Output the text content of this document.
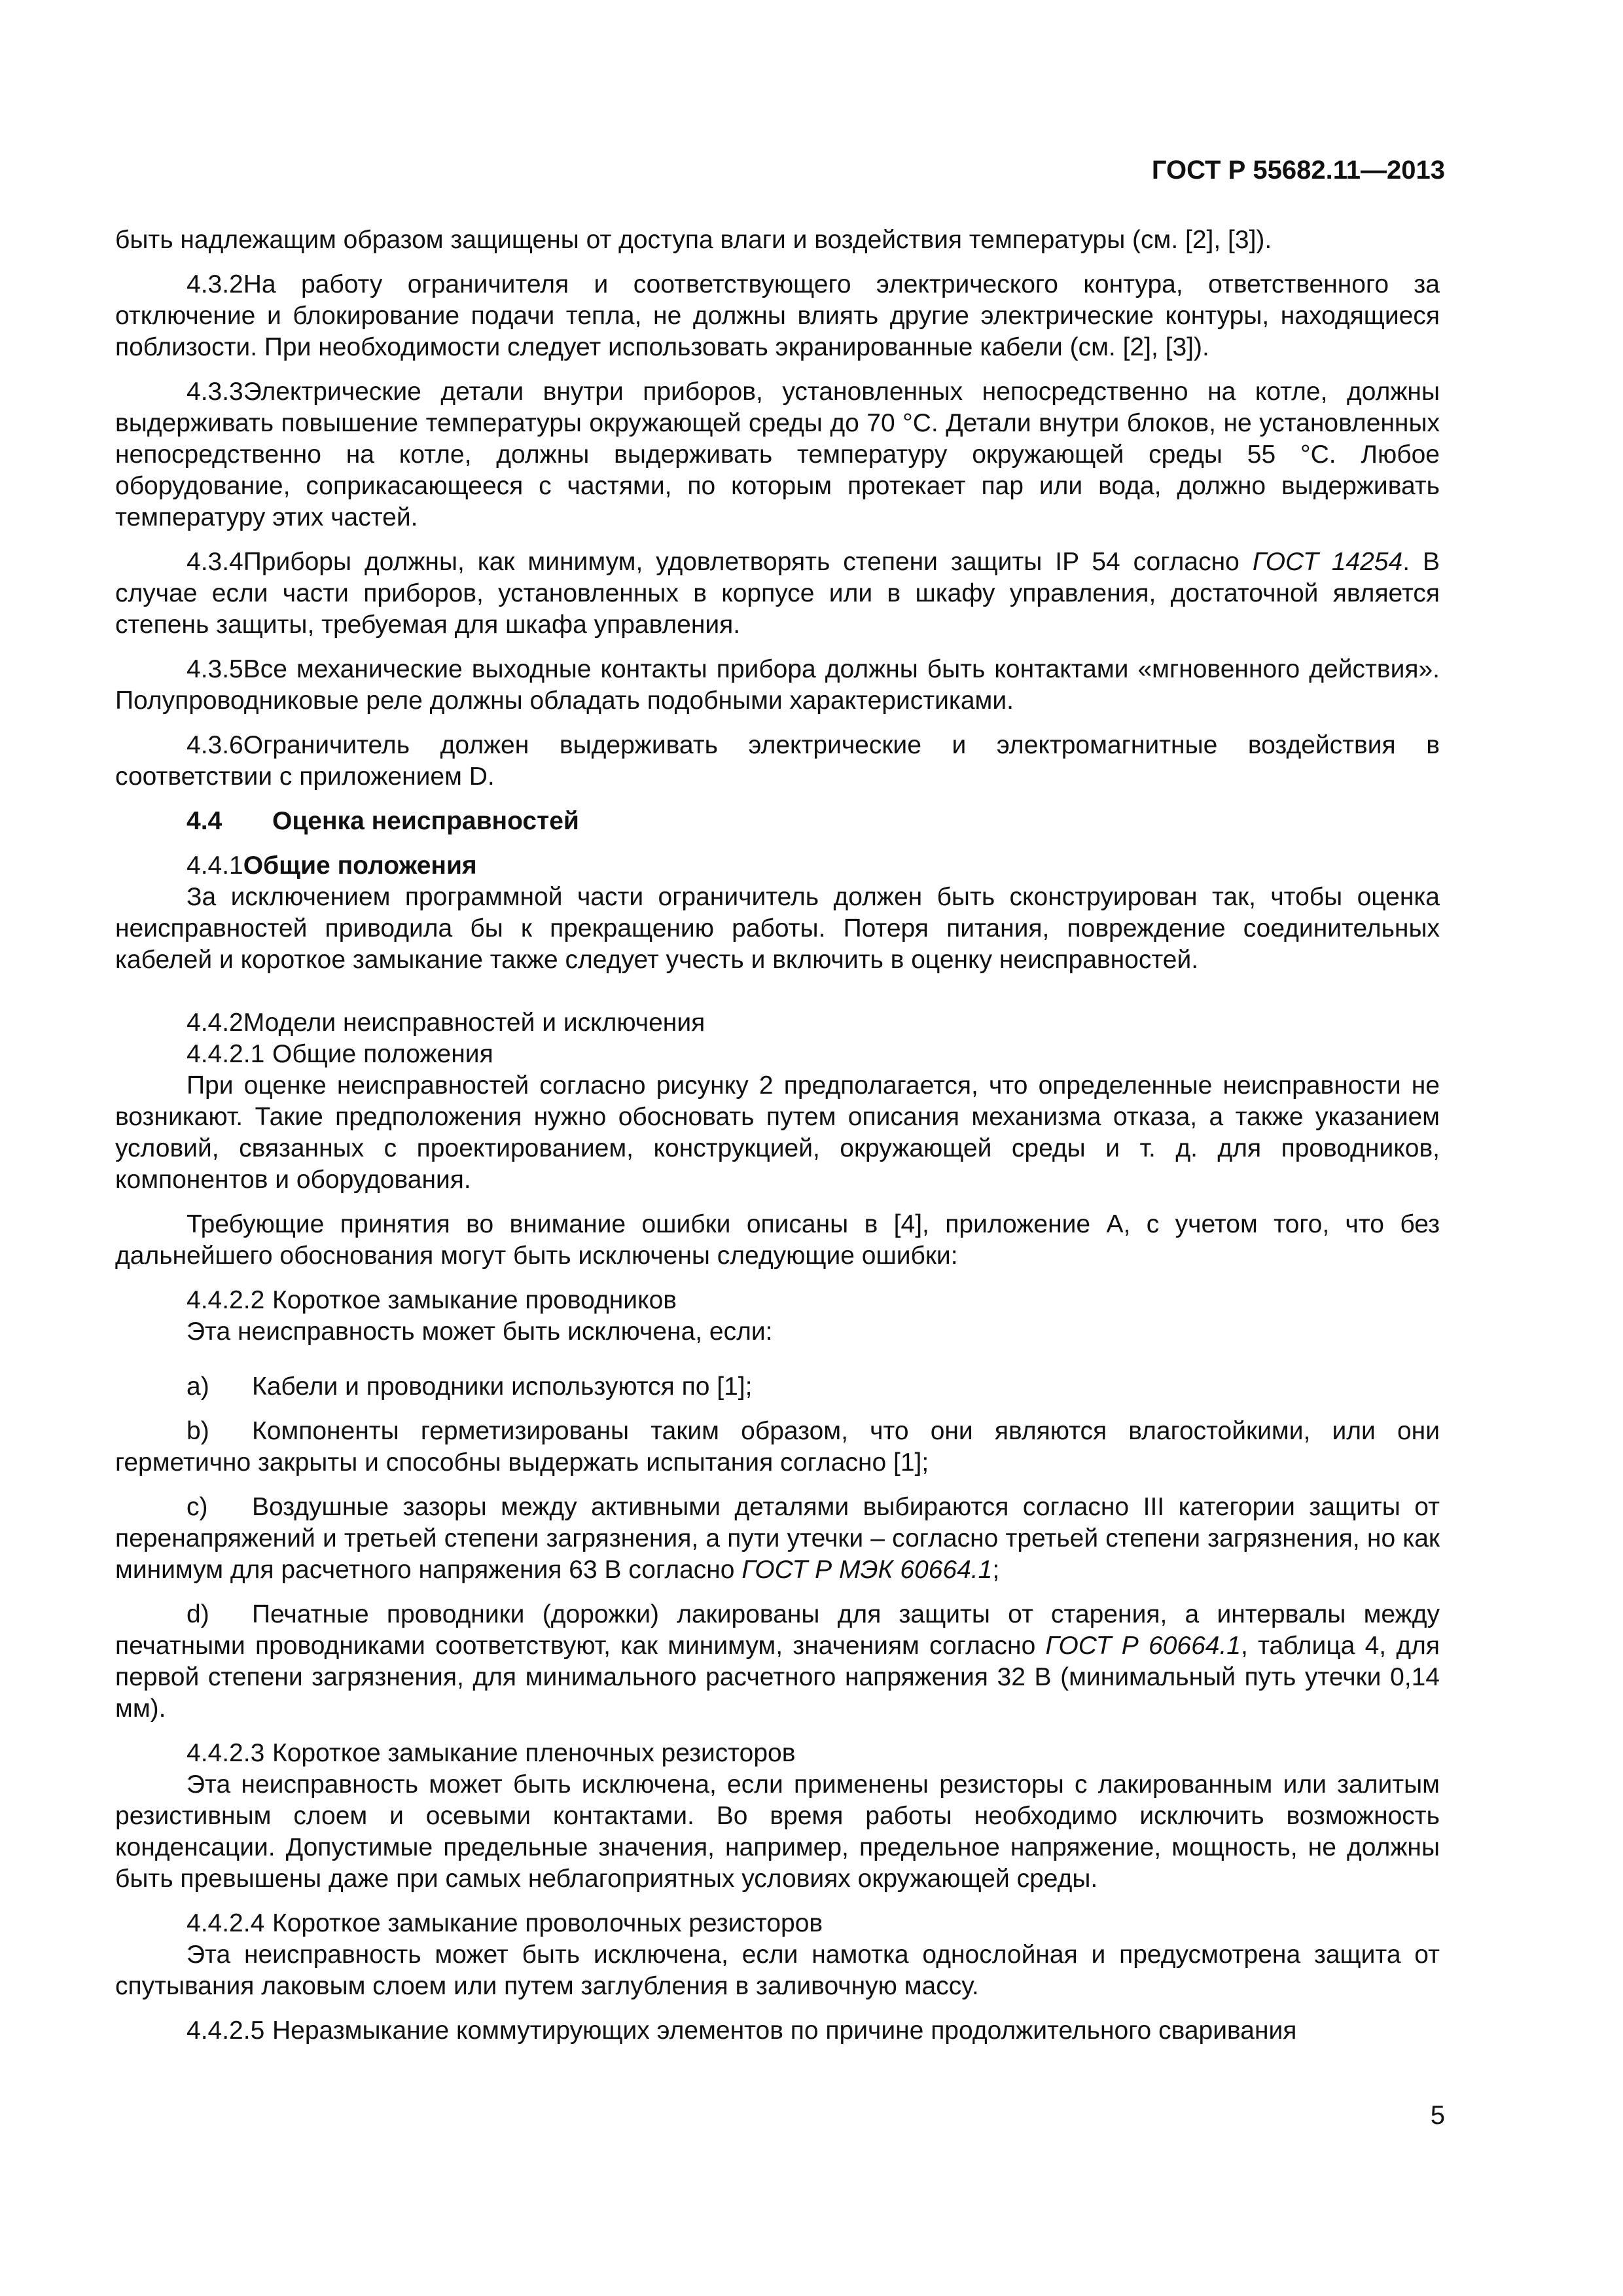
ГОСТ Р 55682.11—2013

быть надлежащим образом защищены от доступа влаги и воздействия температуры (см. [2], [3]).

4.3.2На работу ограничителя и соответствующего электрического контура, ответственного за отключение и блокирование подачи тепла, не должны влиять другие электрические контуры, находящиеся поблизости. При необходимости следует использовать экранированные кабели (см. [2], [3]).

4.3.3Электрические детали внутри приборов, установленных непосредственно на котле, должны выдерживать повышение температуры окружающей среды до 70 °С. Детали внутри блоков, не установленных непосредственно на котле, должны выдерживать температуру окружающей среды 55 °С. Любое оборудование, соприкасающееся с частями, по которым протекает пар или вода, должно выдерживать температуру этих частей.

4.3.4Приборы должны, как минимум, удовлетворять степени защиты IP 54 согласно ГОСТ 14254. В случае если части приборов, установленных в корпусе или в шкафу управления, достаточной является степень защиты, требуемая для шкафа управления.

4.3.5Все механические выходные контакты прибора должны быть контактами «мгновенного действия». Полупроводниковые реле должны обладать подобными характеристиками.

4.3.6Ограничитель должен выдерживать электрические и электромагнитные воздействия в соответствии с приложением D.

4.4 Оценка неисправностей

4.4.1Общие положения

За исключением программной части ограничитель должен быть сконструирован так, чтобы оценка неисправностей приводила бы к прекращению работы. Потеря питания, повреждение соединительных кабелей и короткое замыкание также следует учесть и включить в оценку неисправностей.

4.4.2Модели неисправностей и исключения

4.4.2.1 Общие положения

При оценке неисправностей согласно рисунку 2 предполагается, что определенные неисправности не возникают. Такие предположения нужно обосновать путем описания механизма отказа, а также указанием условий, связанных с проектированием, конструкцией, окружающей среды и т. д. для проводников, компонентов и оборудования.

Требующие принятия во внимание ошибки описаны в [4], приложение А, с учетом того, что без дальнейшего обоснования могут быть исключены следующие ошибки:

4.4.2.2 Короткое замыкание проводников

Эта неисправность может быть исключена, если:

a) Кабели и проводники используются по [1];

b) Компоненты герметизированы таким образом, что они являются влагостойкими, или они герметично закрыты и способны выдержать испытания согласно [1];

c) Воздушные зазоры между активными деталями выбираются согласно III категории защиты от перенапряжений и третьей степени загрязнения, а пути утечки – согласно третьей степени загрязнения, но как минимум для расчетного напряжения 63 В согласно ГОСТ Р МЭК 60664.1;

d) Печатные проводники (дорожки) лакированы для защиты от старения, а интервалы между печатными проводниками соответствуют, как минимум, значениям согласно ГОСТ Р 60664.1, таблица 4, для первой степени загрязнения, для минимального расчетного напряжения 32 В (минимальный путь утечки 0,14 мм).

4.4.2.3 Короткое замыкание пленочных резисторов

Эта неисправность может быть исключена, если применены резисторы с лакированным или залитым резистивным слоем и осевыми контактами. Во время работы необходимо исключить возможность конденсации. Допустимые предельные значения, например, предельное напряжение, мощность, не должны быть превышены даже при самых неблагоприятных условиях окружающей среды.

4.4.2.4 Короткое замыкание проволочных резисторов

Эта неисправность может быть исключена, если намотка однослойная и предусмотрена защита от спутывания лаковым слоем или путем заглубления в заливочную массу.

4.4.2.5 Неразмыкание коммутирующих элементов по причине продолжительного сваривания

5
